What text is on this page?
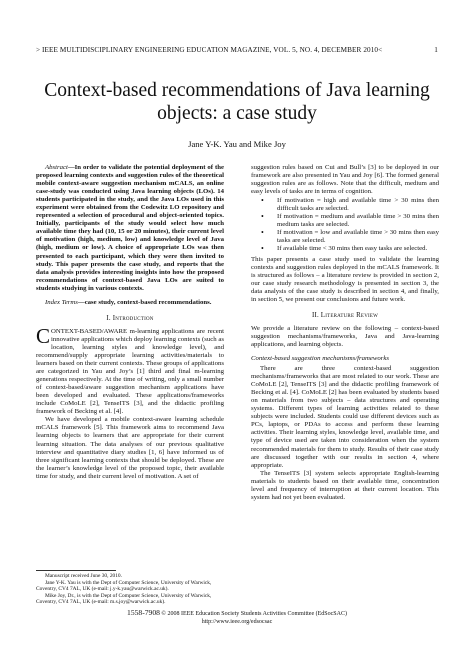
> IEEE MULTIDISCIPLINARY ENGINEERING EDUCATION MAGAZINE, VOL. 5, NO. 4, DECEMBER 2010<	1
Context-based recommendations of Java learning objects: a case study
Jane Y-K. Yau and Mike Joy

Abstract—In order to validate the potential deployment of the proposed learning contexts and suggestion rules of the theoretical mobile context-aware suggestion mechanism mCALS, an online case-study was conducted using Java learning objects (LOs). 14 students participated in the study, and the Java LOs used in this experiment were obtained from the Codewitz LO repository and represented a selection of procedural and object-oriented topics. Initially, participants of the study would select how much available time they had (10, 15 or 20 minutes), their current level of motivation (high, medium, low) and knowledge level of Java (high, medium or low). A choice of appropriate LOs was then presented to each participant, which they were then invited to study. This paper presents the case study, and reports that the data analysis provides interesting insights into how the proposed recommendations of context-based Java LOs are suited to students studying in various contexts.

Index Terms—case study, context-based recommendations.

I. Introduction

CONTEXT-BASED/AWARE m-learning applications are recent innovative applications which deploy learning contexts (such as location, learning styles and knowledge level), and recommend/supply appropriate learning activities/materials to learners based on their current contexts. These groups of applications are categorized in Yau and Joy’s [1] third and final m-learning generations respectively. At the time of writing, only a small number of context-based/aware suggestion mechanism applications have been developed and evaluated. These applications/frameworks include CoMoLE [2], TenseITS [3], and the didactic profiling framework of Becking et al. [4].

We have developed a mobile context-aware learning schedule mCALS framework [5]. This framework aims to recommend Java learning objects to learners that are appropriate for their current learning situation. The data analyses of our previous qualitative interview and quantitative diary studies [1, 6] have informed us of three significant learning contexts that should be deployed. These are the learner’s knowledge level of the proposed topic, their available time for study, and their current level of motivation. A set of

Manuscript received June 30, 2010.

Jane Y-K. Yau is with the Dept of Computer Science, University of Warwick, Coventry, CV4 7AL, UK (e-mail: j.y-k.yau@warwick.ac.uk).

Mike Joy, Dr., is with the Dept of Computer Science, University of Warwick, Coventry, CV4 7AL, UK (e-mail: m.s.joy@warwick.ac.uk).

suggestion rules based on Cui and Bull’s [3] to be deployed in our framework are also presented in Yau and Joy [6]. The formed general suggestion rules are as follows. Note that the difficult, medium and easy levels of tasks are in terms of cognition.

• If motivation = high and available time > 30 mins then difficult tasks are selected.
• If motivation = medium and available time > 30 mins then medium tasks are selected.
• If motivation = low and available time > 30 mins then easy tasks are selected.
• If available time < 30 mins then easy tasks are selected.

This paper presents a case study used to validate the learning contexts and suggestion rules deployed in the mCALS framework. It is structured as follows – a literature review is provided in section 2, our case study research methodology is presented in section 3, the data analysis of the case study is described in section 4, and finally, in section 5, we present our conclusions and future work.

II. Literature Review

We provide a literature review on the following – context-based suggestion mechanisms/frameworks, Java and Java-learning applications, and learning objects.

Context-based suggestion mechanisms/frameworks

There are three context-based suggestion mechanisms/frameworks that are most related to our work. These are CoMoLE [2], TenseITS [3] and the didactic profiling framework of Becking et al. [4]. CoMoLE [2] has been evaluated by students based on materials from two subjects – data structures and operating systems. Different types of learning activities related to these subjects were included. Students could use different devices such as PCs, laptops, or PDAs to access and perform these learning activities. Their learning styles, knowledge level, available time, and type of device used are taken into consideration when the system recommended materials for them to study. Results of their case study are discussed together with our results in section 4, where appropriate.

The TenseITS [3] system selects appropriate English-learning materials to students based on their available time, concentration level and frequency of interruption at their current location. This system had not yet been evaluated.

1558-7908 © 2008 IEEE Education Society Students Activities Committee (EdSocSAC)
http://www.ieee.org/edsocsac
